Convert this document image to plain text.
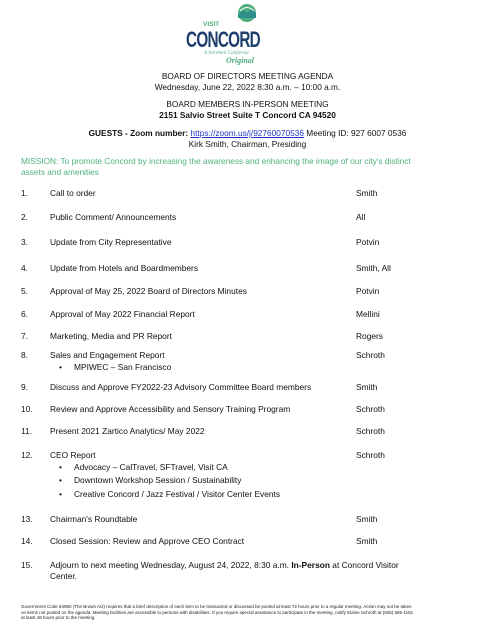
VISIT
CONCORD
A Northern California
Original
BOARD OF DIRECTORS MEETING AGENDA
Wednesday, June 22, 2022 8:30 a.m. – 10:00 a.m.
BOARD MEMBERS IN-PERSON MEETING
2151 Salvio Street Suite T Concord CA 94520
GUESTS - Zoom number: https://zoom.us/j/92760070536 Meeting ID: 927 6007 0536
Kirk Smith, Chairman, Presiding
MISSION: To promote Concord by increasing the awareness and enhancing the image of our city's distinct
assets and amenities
1.	Call to order	Smith
2.	Public Comment/ Announcements	All
3.	Update from City Representative	Potvin
4.	Update from Hotels and Boardmembers	Smith, All
5.	Approval of May 25, 2022 Board of Directors Minutes	Potvin
6.	Approval of May 2022 Financial Report	Mellini
7.	Marketing, Media and PR Report	Rogers
8.	Sales and Engagement Report	Schroth
• MPIWEC – San Francisco
9.	Discuss and Approve FY2022-23 Advisory Committee Board members	Smith
10. Review and Approve Accessibility and Sensory Training Program	Schroth
11. Present 2021 Zartico Analytics/ May 2022	Schroth
12. CEO Report	Schroth
• Advocacy – CalTravel, SFTravel, Visit CA
• Downtown Workshop Session / Sustainability
• Creative Concord / Jazz Festival / Visitor Center Events
13. Chairman's Roundtable	Smith
14. Closed Session: Review and Approve CEO Contract	Smith
15. Adjourn to next meeting Wednesday, August 24, 2022, 8:30 a.m. In-Person at Concord Visitor
Center.
Government Code 54950 (The Brown Act) requires that a brief description of each item to be transacted or discussed be posted at least 72 hours prior to a regular meeting. Action may not be taken
on items not posted on the agenda. Meeting facilities are accessible to persons with disabilities. If you require special assistance to participate in the meeting, notify Elaine Schroth at (925) 685-1181
at least 48 hours prior to the meeting.
